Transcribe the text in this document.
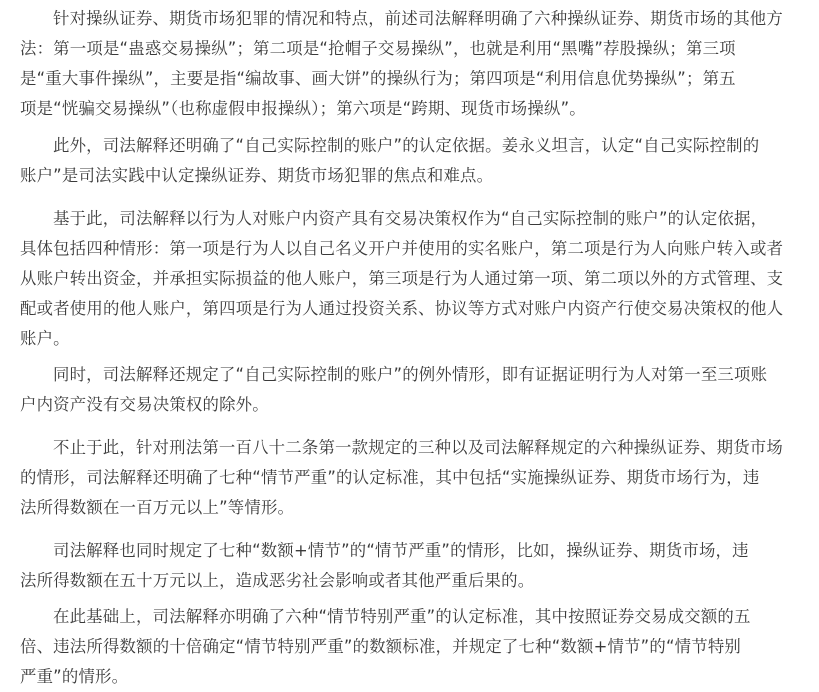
针对操纵证券、期货市场犯罪的情况和特点，前述司法解释明确了六种操纵证券、期货市场的其他方
法：第一项是“蛊惑交易操纵”；第二项是“抢帽子交易操纵”，也就是利用“黑嘴”荐股操纵；第三项
是“重大事件操纵”，主要是指“编故事、画大饼”的操纵行为；第四项是“利用信息优势操纵”；第五
项是“恍骗交易操纵”（也称虚假申报操纵）；第六项是“跨期、现货市场操纵”。
此外，司法解释还明确了“自己实际控制的账户”的认定依据。姜永义坦言，认定“自己实际控制的
账户”是司法实践中认定操纵证券、期货市场犯罪的焦点和难点。
基于此，司法解释以行为人对账户内资产具有交易决策权作为“自己实际控制的账户”的认定依据，
具体包括四种情形：第一项是行为人以自己名义开户并使用的实名账户，第二项是行为人向账户转入或者
从账户转出资金，并承担实际损益的他人账户，第三项是行为人通过第一项、第二项以外的方式管理、支
配或者使用的他人账户，第四项是行为人通过投资关系、协议等方式对账户内资产行使交易决策权的他人
账户。
同时，司法解释还规定了“自己实际控制的账户”的例外情形，即有证据证明行为人对第一至三项账
户内资产没有交易决策权的除外。
不止于此，针对刑法第一百八十二条第一款规定的三种以及司法解释规定的六种操纵证券、期货市场
的情形，司法解释还明确了七种“情节严重”的认定标准，其中包括“实施操纵证券、期货市场行为，违
法所得数额在一百万元以上”等情形。
司法解释也同时规定了七种“数额+情节”的“情节严重”的情形，比如，操纵证券、期货市场，违
法所得数额在五十万元以上，造成恶劣社会影响或者其他严重后果的。
在此基础上，司法解释亦明确了六种“情节特别严重”的认定标准，其中按照证券交易成交额的五
倍、违法所得数额的十倍确定“情节特别严重”的数额标准，并规定了七种“数额+情节”的“情节特别
严重”的情形。
